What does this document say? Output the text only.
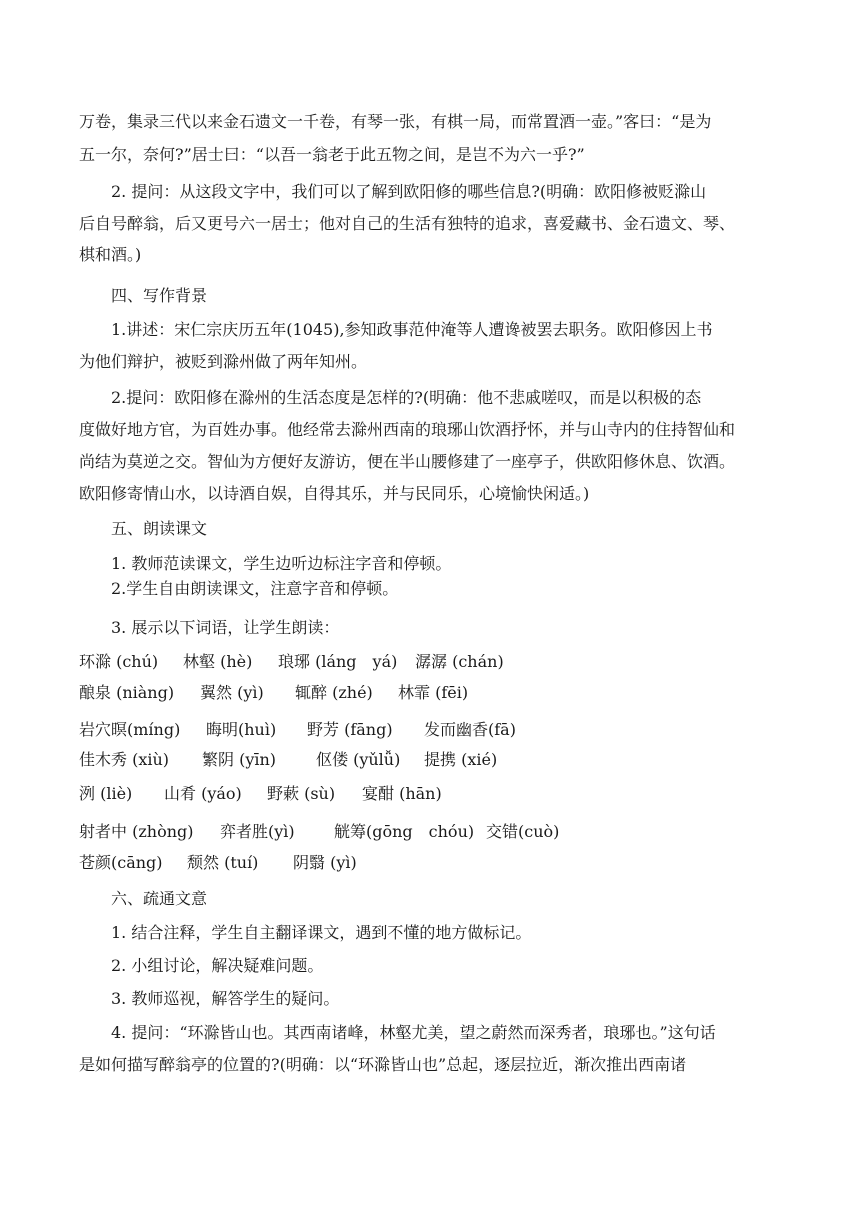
万卷，集录三代以来金石遗文一千卷，有琴一张，有棋一局，而常置酒一壶。”客曰：“是为
五一尔，奈何?”居士曰：“以吾一翁老于此五物之间，是岂不为六一乎?”
2. 提问：从这段文字中，我们可以了解到欧阳修的哪些信息?(明确：欧阳修被贬滁山
后自号醉翁，后又更号六一居士；他对自己的生活有独特的追求，喜爱藏书、金石遗文、琴、
棋和酒。)
四、写作背景
1.讲述：宋仁宗庆历五年(1045),参知政事范仲淹等人遭谗被罢去职务。欧阳修因上书
为他们辩护，被贬到滁州做了两年知州。
2.提问：欧阳修在滁州的生活态度是怎样的?(明确：他不悲戚嗟叹，而是以积极的态
度做好地方官，为百姓办事。他经常去滁州西南的琅琊山饮酒抒怀，并与山寺内的住持智仙和
尚结为莫逆之交。智仙为方便好友游访，便在半山腰修建了一座亭子，供欧阳修休息、饮酒。
欧阳修寄情山水，以诗酒自娱，自得其乐，并与民同乐，心境愉快闲适。)
五、朗读课文
1. 教师范读课文，学生边听边标注字音和停顿。
2.学生自由朗读课文，注意字音和停顿。
3. 展示以下词语，让学生朗读：
环滁 (chú) 林壑 (hè) 琅琊 (láng　yá) 潺潺 (chán)
酿泉 (niàng) 翼然 (yì) 辄醉 (zhé) 林霏 (fēi)
岩穴暝(míng) 晦明(huì) 野芳 (fāng) 发而幽香(fā)
佳木秀 (xiù) 繁阴 (yīn) 伛偻 (yǔlǚ) 提携 (xié)
洌 (liè) 山肴 (yáo) 野蔌 (sù) 宴酣 (hān)
射者中 (zhòng) 弈者胜(yì) 觥筹(gōng　chóu) 交错(cuò)
苍颜(cāng) 颓然 (tuí) 阴翳 (yì)
六、疏通文意
1. 结合注释，学生自主翻译课文，遇到不懂的地方做标记。
2. 小组讨论，解决疑难问题。
3. 教师巡视，解答学生的疑问。
4. 提问：“环滁皆山也。其西南诸峰，林壑尤美，望之蔚然而深秀者，琅琊也。”这句话
是如何描写醉翁亭的位置的?(明确：以“环滁皆山也”总起，逐层拉近，渐次推出西南诸
